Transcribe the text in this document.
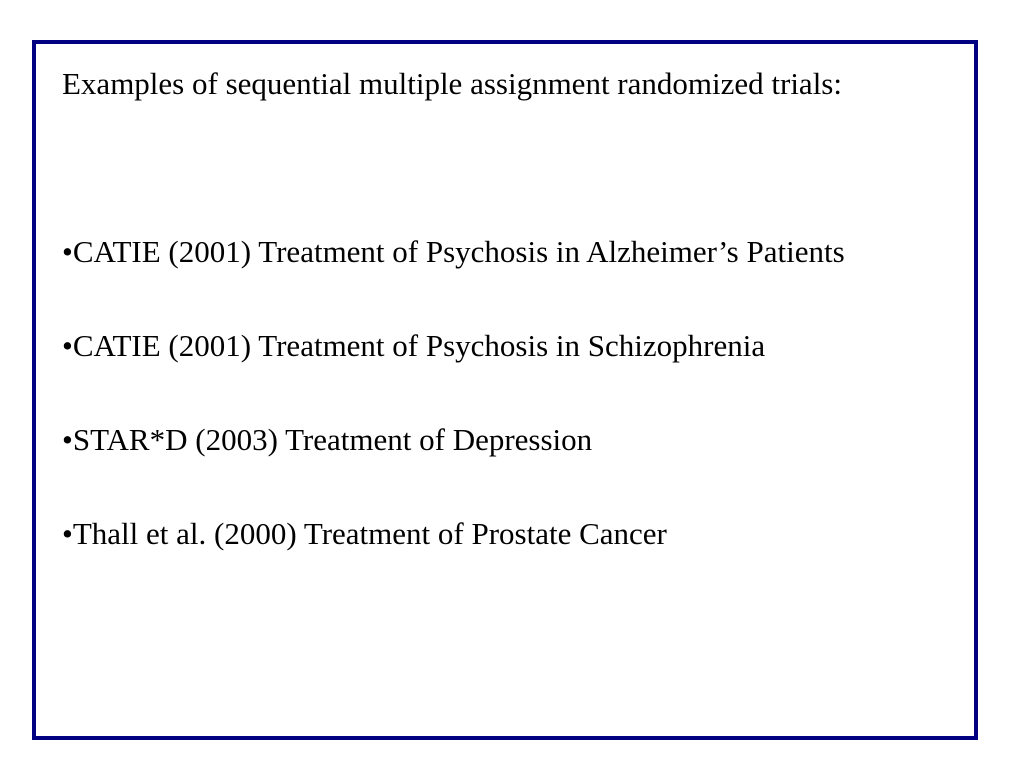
Examples of sequential multiple assignment randomized trials:

•CATIE (2001) Treatment of Psychosis in Alzheimer’s Patients
•CATIE (2001) Treatment of Psychosis in Schizophrenia
•STAR*D (2003) Treatment of Depression
•Thall et al. (2000) Treatment of Prostate Cancer
